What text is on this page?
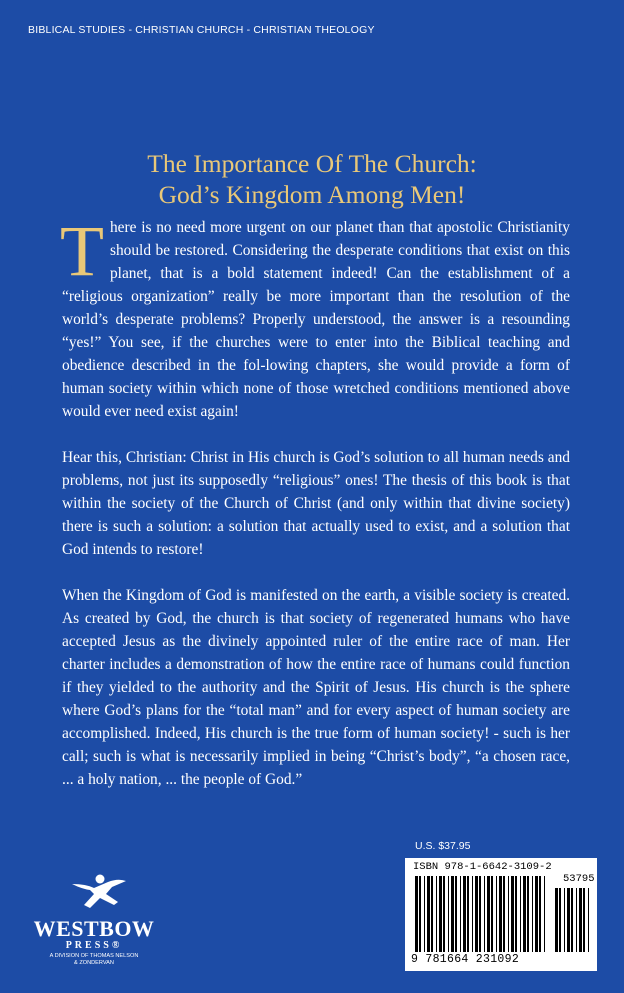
BIBLICAL STUDIES - CHRISTIAN CHURCH - CHRISTIAN THEOLOGY
The Importance Of The Church:
God’s Kingdom Among Men!

There is no need more urgent on our planet than that apostolic Christianity should be restored. Considering the desperate conditions that exist on this planet, that is a bold statement indeed! Can the establishment of a “religious organization” really be more important than the resolution of the world’s desperate problems? Properly understood, the answer is a resounding “yes!” You see, if the churches were to enter into the Biblical teaching and obedience described in the fol-lowing chapters, she would provide a form of human society within which none of those wretched conditions mentioned above would ever need exist again!

Hear this, Christian: Christ in His church is God’s solution to all human needs and problems, not just its supposedly “religious” ones! The thesis of this book is that within the society of the Church of Christ (and only within that divine society) there is such a solution: a solution that actually used to exist, and a solution that God intends to restore!

When the Kingdom of God is manifested on the earth, a visible society is created. As created by God, the church is that society of regenerated humans who have accepted Jesus as the divinely appointed ruler of the entire race of man. Her charter includes a demonstration of how the entire race of humans could function if they yielded to the authority and the Spirit of Jesus. His church is the sphere where God’s plans for the “total man” and for every aspect of human society are accomplished. Indeed, His church is the true form of human society! - such is her call; such is what is necessarily implied in being “Christ’s body”, “a chosen race, ... a holy nation, ... the people of God.”

WESTBOW
PRESS®
A DIVISION OF THOMAS NELSON
& ZONDERVAN
U.S. $37.95
ISBN 978-1-6642-3109-2
53795
9 781664 231092
